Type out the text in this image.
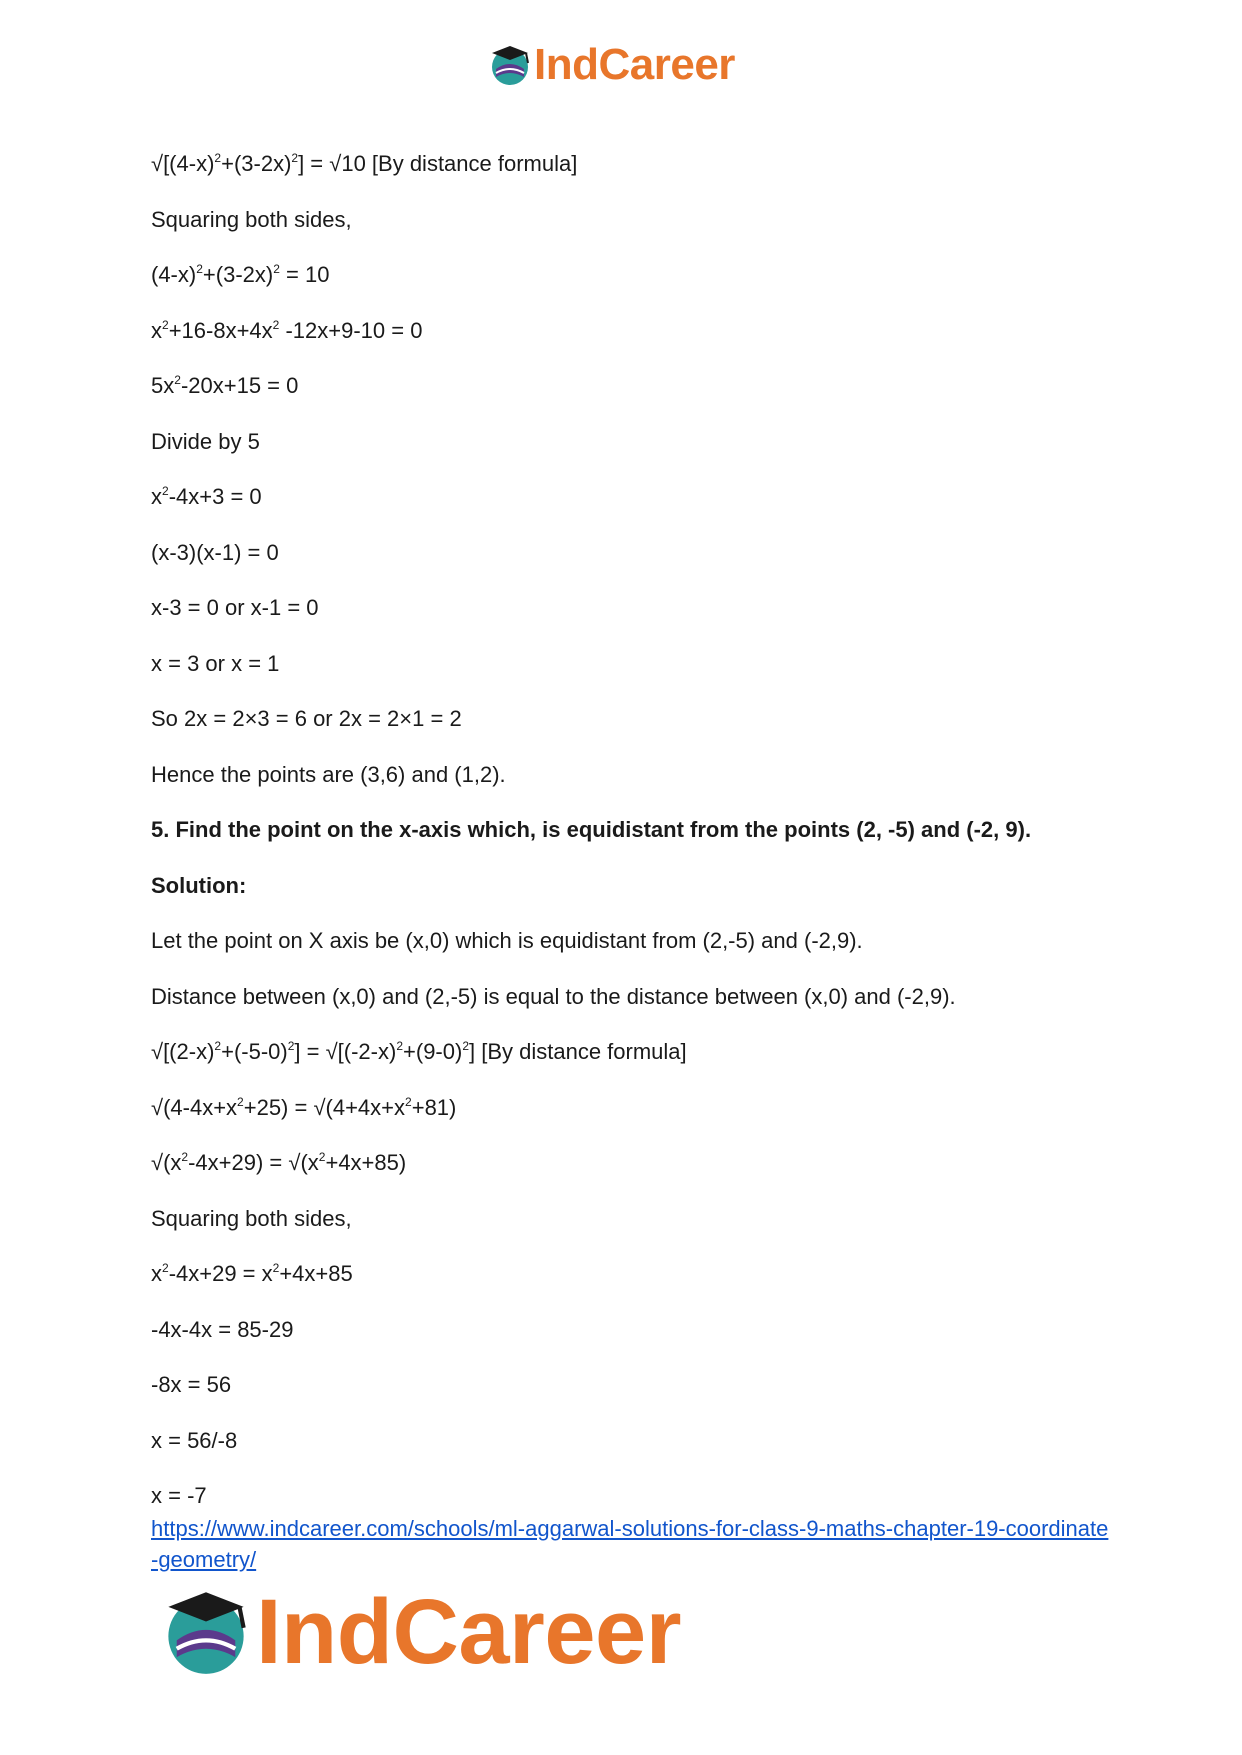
IndCareer
$√[(4-x)^2+(3-2x)^2] = √10$ [By distance formula]
Squaring both sides,
$(4-x)^2+(3-2x)^2 = 10$
$x^2+16-8x+4x^2$ -12x+9-10 = 0
$5x^2-20x+15 = 0$
Divide by 5
$x^2-4x+3 = 0$
(x-3)(x-1) = 0
x-3 = 0 or x-1 = 0
x = 3 or x = 1
So 2x = 2×3 = 6 or 2x = 2×1 = 2
Hence the points are (3,6) and (1,2).
5. Find the point on the x-axis which, is equidistant from the points (2, -5) and (-2, 9).
Solution:
Let the point on X axis be (x,0) which is equidistant from (2,-5) and (-2,9).
Distance between (x,0) and (2,-5) is equal to the distance between (x,0) and (-2,9).
$√[(2-x)^2+(-5-0)^2] = √[(-2-x)^2+(9-0)^2]$ [By distance formula]
$√(4-4x+x^2+25) = √(4+4x+x^2+81)$
$√(x^2-4x+29) = √(x^2+4x+85)$
Squaring both sides,
$x^2-4x+29 = x^2+4x+85$
-4x-4x = 85-29
-8x = 56
x = 56/-8
x = -7
https://www.indcareer.com/schools/ml-aggarwal-solutions-for-class-9-maths-chapter-19-coordinate-geometry/
IndCareer
